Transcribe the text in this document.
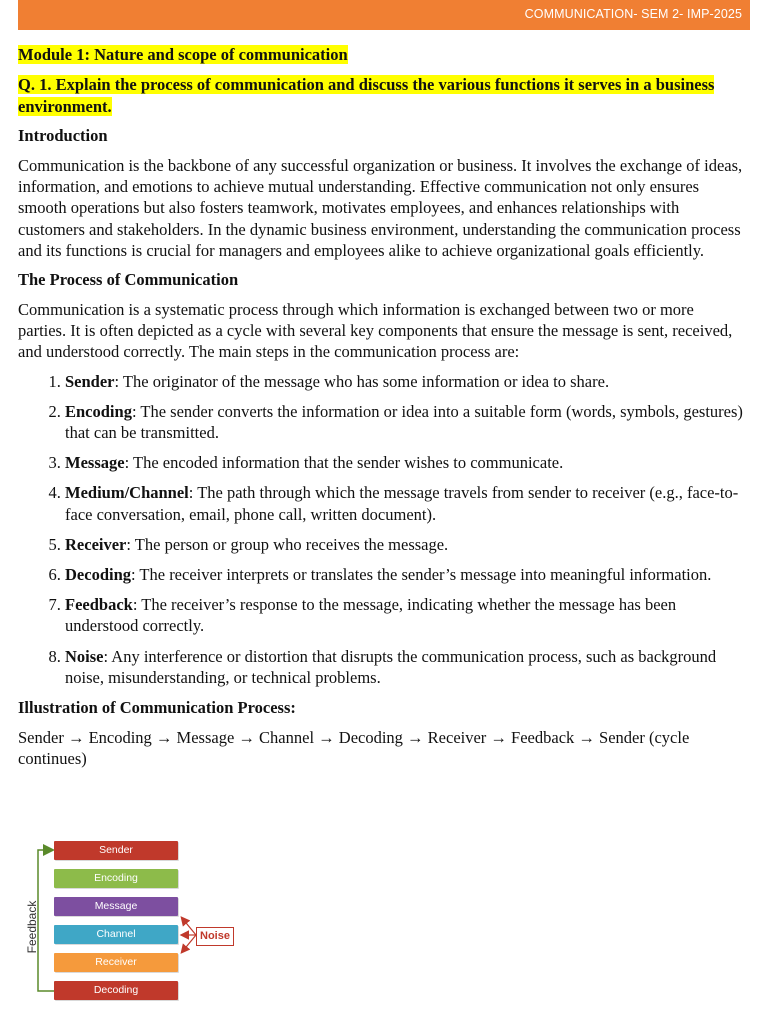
COMMUNICATION- SEM 2- IMP-2025

Module 1: Nature and scope of communication

Q. 1. Explain the process of communication and discuss the various functions it serves in a business environment.

Introduction

Communication is the backbone of any successful organization or business. It involves the exchange of ideas, information, and emotions to achieve mutual understanding. Effective communication not only ensures smooth operations but also fosters teamwork, motivates employees, and enhances relationships with customers and stakeholders. In the dynamic business environment, understanding the communication process and its functions is crucial for managers and employees alike to achieve organizational goals efficiently.

The Process of Communication

Communication is a systematic process through which information is exchanged between two or more parties. It is often depicted as a cycle with several key components that ensure the message is sent, received, and understood correctly. The main steps in the communication process are:

1. Sender: The originator of the message who has some information or idea to share.
2. Encoding: The sender converts the information or idea into a suitable form (words, symbols, gestures) that can be transmitted.
3. Message: The encoded information that the sender wishes to communicate.
4. Medium/Channel: The path through which the message travels from sender to receiver (e.g., face-to-face conversation, email, phone call, written document).
5. Receiver: The person or group who receives the message.
6. Decoding: The receiver interprets or translates the sender’s message into meaningful information.
7. Feedback: The receiver’s response to the message, indicating whether the message has been understood correctly.
8. Noise: Any interference or distortion that disrupts the communication process, such as background noise, misunderstanding, or technical problems.

Illustration of Communication Process:

Sender → Encoding → Message → Channel → Decoding → Receiver → Feedback → Sender (cycle continues)

Sender
Encoding
Message
Channel
Receiver
Decoding
Noise
Feedback
